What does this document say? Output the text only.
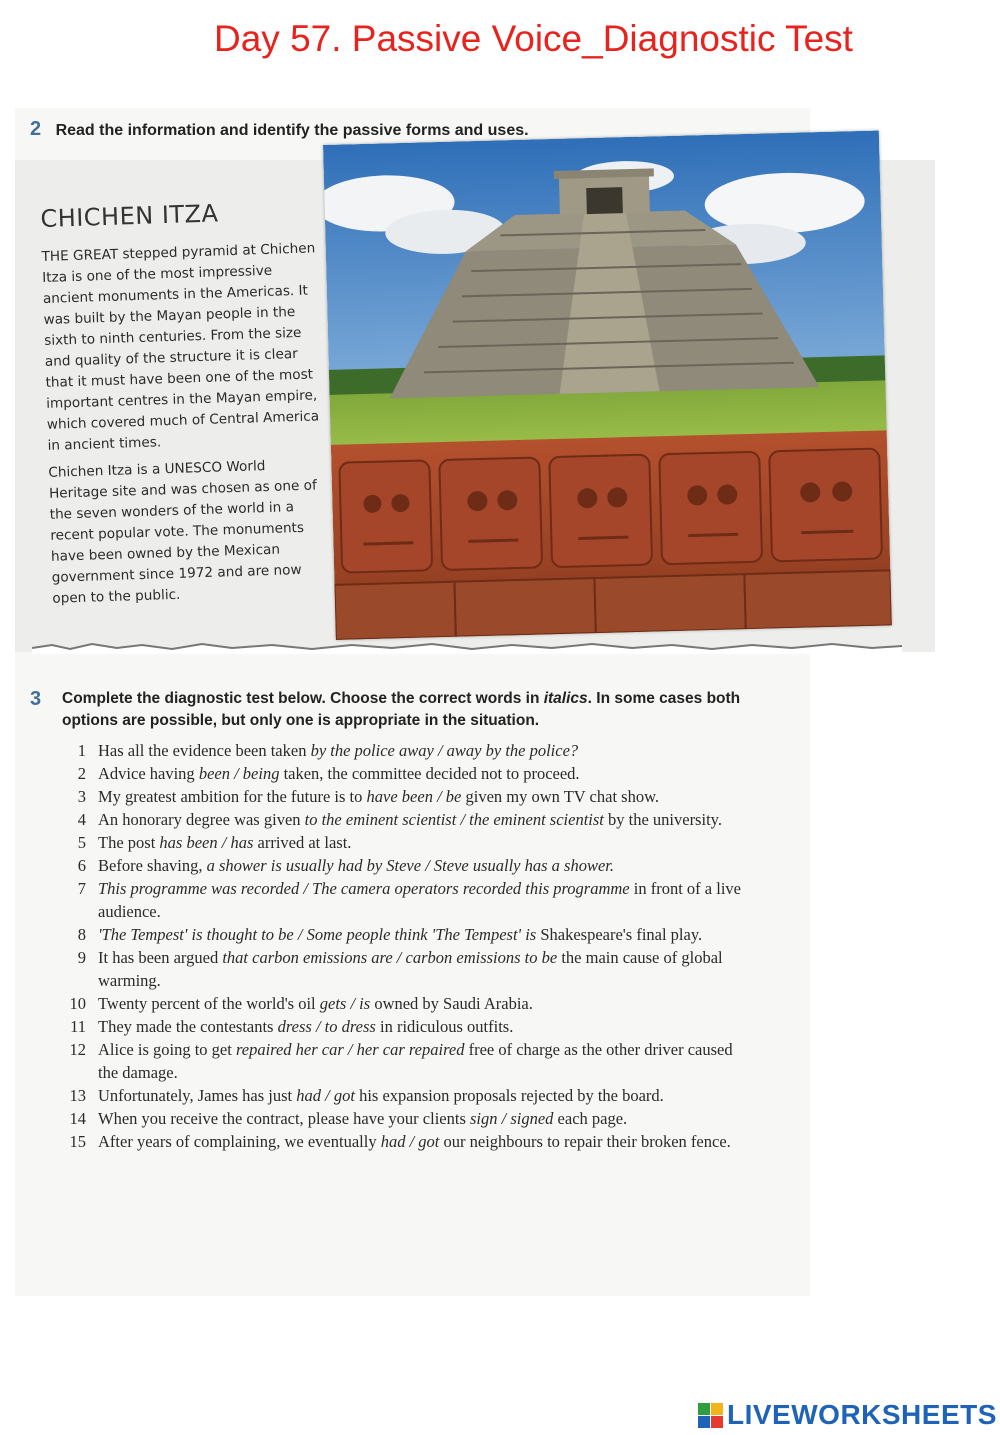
Day 57. Passive Voice_Diagnostic Test
2 Read the information and identify the passive forms and uses.
CHICHEN ITZA

THE GREAT stepped pyramid at Chichen Itza is one of the most impressive ancient monuments in the Americas. It was built by the Mayan people in the sixth to ninth centuries. From the size and quality of the structure it is clear that it must have been one of the most important centres in the Mayan empire, which covered much of Central America in ancient times.

Chichen Itza is a UNESCO World Heritage site and was chosen as one of the seven wonders of the world in a recent popular vote. The monuments have been owned by the Mexican government since 1972 and are now open to the public.

3 Complete the diagnostic test below. Choose the correct words in italics. In some cases both options are possible, but only one is appropriate in the situation.
1 Has all the evidence been taken by the police away / away by the police?
2 Advice having been / being taken, the committee decided not to proceed.
3 My greatest ambition for the future is to have been / be given my own TV chat show.
4 An honorary degree was given to the eminent scientist / the eminent scientist by the university.
5 The post has been / has arrived at last.
6 Before shaving, a shower is usually had by Steve / Steve usually has a shower.
7 This programme was recorded / The camera operators recorded this programme in front of a live audience.
8 'The Tempest' is thought to be / Some people think 'The Tempest' is Shakespeare's final play.
9 It has been argued that carbon emissions are / carbon emissions to be the main cause of global warming.
10 Twenty percent of the world's oil gets / is owned by Saudi Arabia.
11 They made the contestants dress / to dress in ridiculous outfits.
12 Alice is going to get repaired her car / her car repaired free of charge as the other driver caused the damage.
13 Unfortunately, James has just had / got his expansion proposals rejected by the board.
14 When you receive the contract, please have your clients sign / signed each page.
15 After years of complaining, we eventually had / got our neighbours to repair their broken fence.
LIVEWORKSHEETS
